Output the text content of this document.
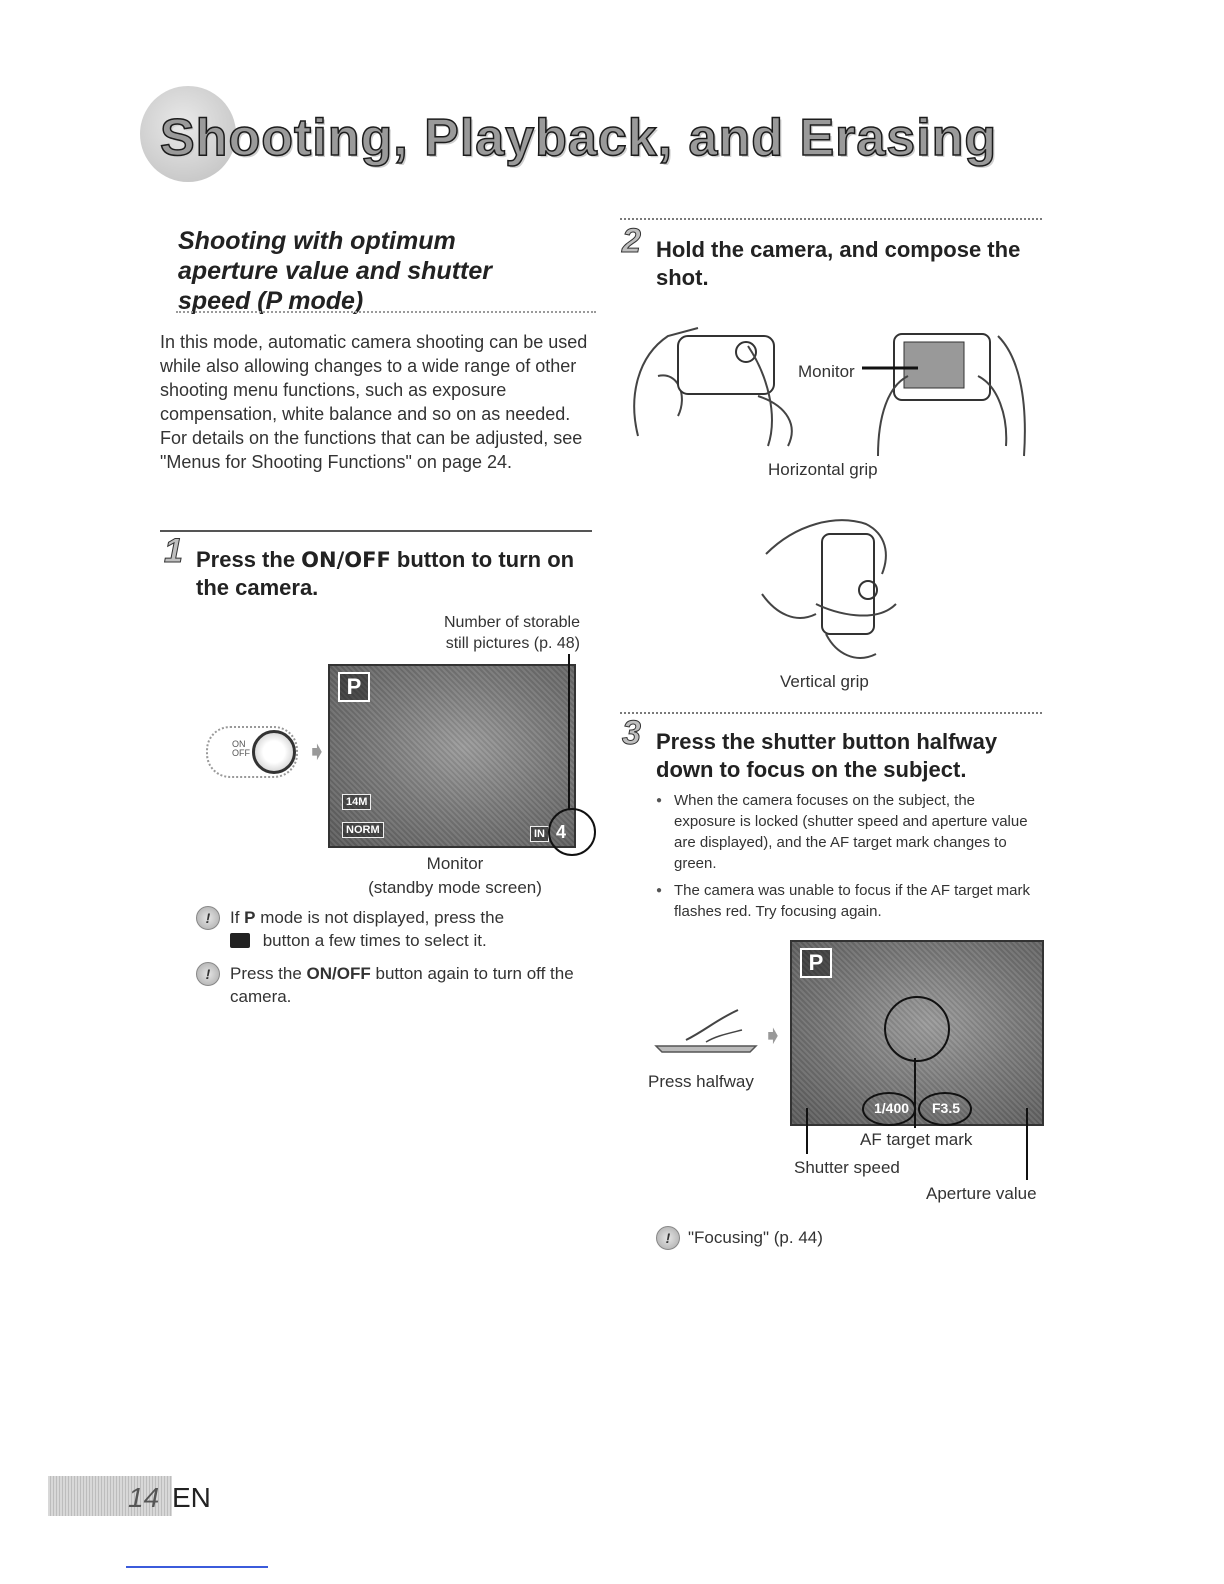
Shooting, Playback, and Erasing
Shooting with optimum
aperture value and shutter
speed (P mode)

In this mode, automatic camera shooting can be used while also allowing changes to a wide range of other shooting menu functions, such as exposure compensation, white balance and so on as needed.

For details on the functions that can be adjusted, see "Menus for Shooting Functions" on page 24.

1 Press the ON/OFF button to turn on the camera.
Number of storable
still pictures (p. 48)
ON OFF ➧
P
14M
NORM	IN 4
Monitor
(standby mode screen)
!	If P mode is not displayed, press the
button a few times to select it.
!	Press the ON/OFF button again to turn off the camera.
2 Hold the camera, and compose the shot.
Monitor
Horizontal grip
Vertical grip
3 Press the shutter button halfway down to focus on the subject.
● When the camera focuses on the subject, the exposure is locked (shutter speed and aperture value are displayed), and the AF target mark changes to green.
● The camera was unable to focus if the AF target mark flashes red. Try focusing again.
➧
Press halfway
P
1/400 F3.5
AF target mark
Shutter speed
Aperture value
!	"Focusing" (p. 44)
14 EN
